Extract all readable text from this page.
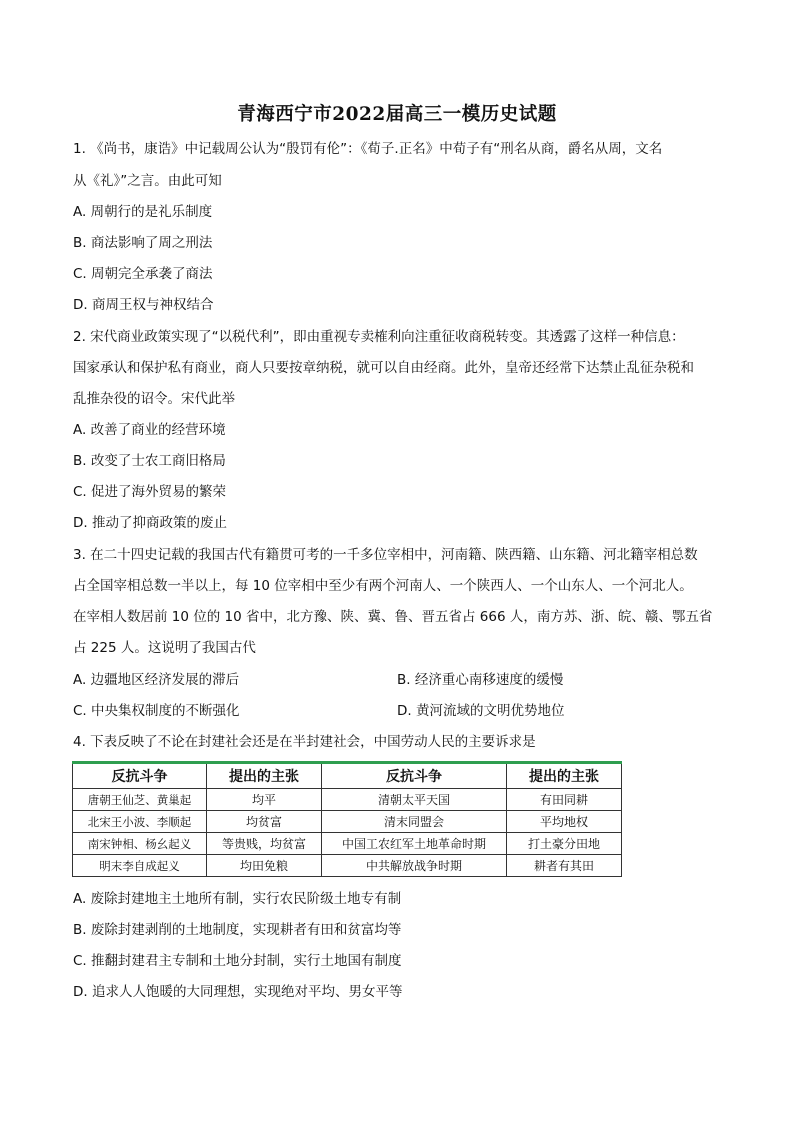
青海西宁市2022届高三一模历史试题
1. 《尚书，康诰》中记载周公认为“殷罚有伦”：《荀子.正名》中荀子有“刑名从商，爵名从周，文名
从《礼》”之言。由此可知
A. 周朝行的是礼乐制度
B. 商法影响了周之刑法
C. 周朝完全承袭了商法
D. 商周王权与神权结合
2. 宋代商业政策实现了“以税代利”，即由重视专卖榷利向注重征收商税转变。其透露了这样一种信息：
国家承认和保护私有商业，商人只要按章纳税，就可以自由经商。此外，皇帝还经常下达禁止乱征杂税和
乱推杂役的诏令。宋代此举
A. 改善了商业的经营环境
B. 改变了士农工商旧格局
C. 促进了海外贸易的繁荣
D. 推动了抑商政策的废止
3. 在二十四史记载的我国古代有籍贯可考的一千多位宰相中，河南籍、陕西籍、山东籍、河北籍宰相总数
占全国宰相总数一半以上，每 10 位宰相中至少有两个河南人、一个陕西人、一个山东人、一个河北人。
在宰相人数居前 10 位的 10 省中，北方豫、陕、冀、鲁、晋五省占 666 人，南方苏、浙、皖、赣、鄂五省
占 225 人。这说明了我国古代
A. 边疆地区经济发展的滞后	B. 经济重心南移速度的缓慢
C. 中央集权制度的不断强化	D. 黄河流域的文明优势地位
4. 下表反映了不论在封建社会还是在半封建社会，中国劳动人民的主要诉求是
反抗斗争	提出的主张	反抗斗争	提出的主张
唐朝王仙芝、黄巢起	均平	清朝太平天国	有田同耕
北宋王小波、李顺起	均贫富	清末同盟会	平均地权
南宋钟相、杨幺起义	等贵贱，均贫富	中国工农红军土地革命时期	打土豪分田地
明末李自成起义	均田免粮	中共解放战争时期	耕者有其田
A. 废除封建地主土地所有制，实行农民阶级土地专有制
B. 废除封建剥削的土地制度，实现耕者有田和贫富均等
C. 推翻封建君主专制和土地分封制，实行土地国有制度
D. 追求人人饱暖的大同理想，实现绝对平均、男女平等
